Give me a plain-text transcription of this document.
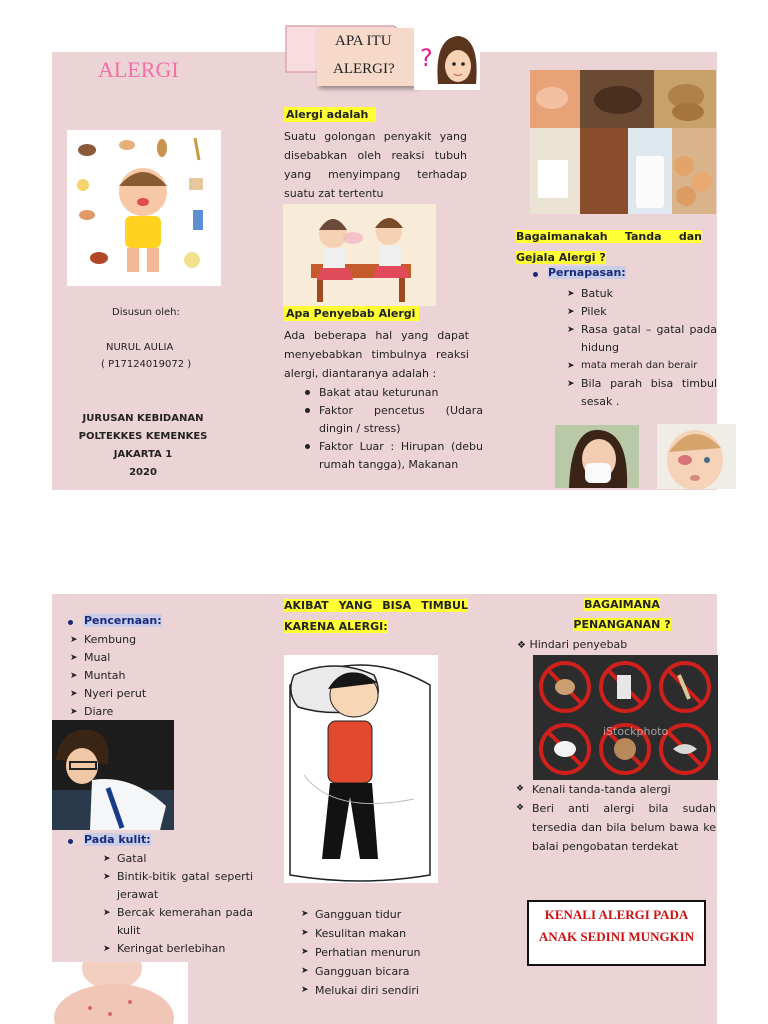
ALERGI
Disusun oleh:
NURUL AULIA
( P17124019072 )
JURUSAN KEBIDANAN
POLTEKKES KEMENKES
JAKARTA 1
2020
APA ITU
ALERGI? ?
Alergi adalah
Suatu golongan penyakit yang disebabkan oleh reaksi tubuh yang menyimpang terhadap suatu zat tertentu
Apa Penyebab Alergi
Ada beberapa hal yang dapat menyebabkan timbulnya reaksi alergi, diantaranya adalah :
Bakat atau keturunan
Faktor pencetus (Udara dingin / stress)
Faktor Luar : Hirupan (debu rumah tangga), Makanan
Bagaimanakah Tanda dan Gejala Alergi ?
Pernapasan:
➤ Batuk
➤ Pilek
➤ Rasa gatal – gatal pada hidung
➤ mata merah dan berair
➤ Bila parah bisa timbul sesak .
Pencernaan:
➤ Kembung
➤ Mual
➤ Muntah
➤ Nyeri perut
➤ Diare
Pada kulit:
➤ Gatal
➤ Bintik-bitik gatal seperti jerawat
➤ Bercak kemerahan pada kulit
➤ Keringat berlebihan
AKIBAT YANG BISA TIMBUL KARENA ALERGI:
➤ Gangguan tidur
➤ Kesulitan makan
➤ Perhatian menurun
➤ Gangguan bicara
➤ Melukai diri sendiri
BAGAIMANA
PENANGANAN ?
❖ Hindari penyebab
iStockphoto
❖ Kenali tanda-tanda alergi
❖ Beri anti alergi bila sudah tersedia dan bila belum bawa ke balai pengobatan terdekat
KENALI ALERGI PADA ANAK SEDINI MUNGKIN
